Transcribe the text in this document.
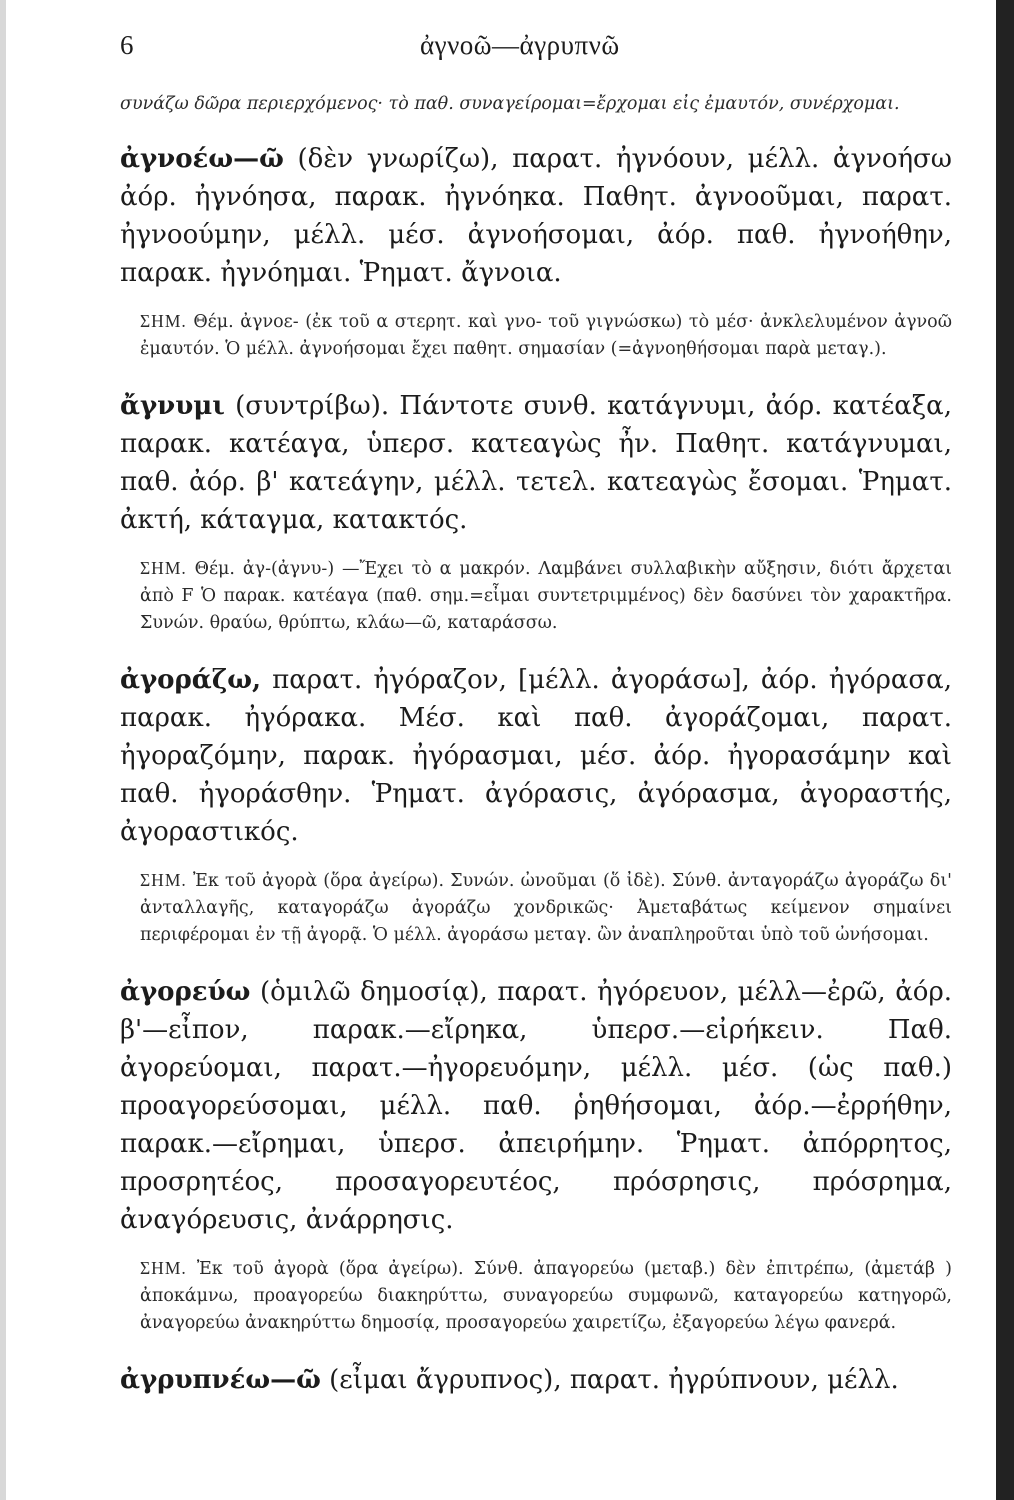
6	ἀγνοῶ—ἀγρυπνῶ

συνάζω δῶρα περιερχόμενος· τὸ παθ. συναγείρομαι=ἔρχομαι εἰς ἐμαυτόν, συνέρχομαι.

ἀγνοέω—ῶ (δὲν γνωρίζω), παρατ. ἠγνόουν, μέλλ. ἀγνοήσω ἀόρ. ἠγνόησα, παρακ. ἠγνόηκα. Παθητ. ἀγνοοῦμαι, παρατ. ἠγνοούμην, μέλλ. μέσ. ἀγνοήσομαι, ἀόρ. παθ. ἠγνοήθην, παρακ. ἠγνόημαι. Ῥηματ. ἄγνοια.

ΣΗΜ. Θέμ. ἀγνοε- (ἐκ τοῦ α στερητ. καὶ γνο- τοῦ γιγνώσκω) τὸ μέσ· ἀνκλελυμένον ἀγνοῶ ἐμαυτόν. Ὁ μέλλ. ἀγνοήσομαι ἔχει παθητ. σημασίαν (=ἀγνοηθήσομαι παρὰ μεταγ.).

ἄγνυμι (συντρίβω). Πάντοτε συνθ. κατάγνυμι, ἀόρ. κατέαξα, παρακ. κατέαγα, ὑπερσ. κατεαγὼς ἦν. Παθητ. κατάγνυμαι, παθ. ἀόρ. β' κατεάγην, μέλλ. τετελ. κατεαγὼς ἔσομαι. Ῥηματ. ἀκτή, κάταγμα, κατακτός.

ΣΗΜ. Θέμ. ἀγ-(ἀγνυ-) —Ἔχει τὸ α μακρόν. Λαμβάνει συλλαβικὴν αὔξησιν, διότι ἄρχεται ἀπὸ F Ὁ παρακ. κατέαγα (παθ. σημ.=εἶμαι συντετριμμένος) δὲν δασύνει τὸν χαρακτῆρα. Συνών. θραύω, θρύπτω, κλάω—ῶ, καταράσσω.

ἀγοράζω, παρατ. ἠγόραζον, [μέλλ. ἀγοράσω], ἀόρ. ἠγόρασα, παρακ. ἠγόρακα. Μέσ. καὶ παθ. ἀγοράζομαι, παρατ. ἠγοραζόμην, παρακ. ἠγόρασμαι, μέσ. ἀόρ. ἠγορασάμην καὶ παθ. ἠγοράσθην. Ῥηματ. ἀγόρασις, ἀγόρασμα, ἀγοραστής, ἀγοραστικός.

ΣΗΜ. Ἐκ τοῦ ἀγορὰ (ὅρα ἀγείρω). Συνών. ὠνοῦμαι (ὅ ἰδὲ). Σύνθ. ἀνταγοράζω ἀγοράζω δι' ἀνταλλαγῆς, καταγοράζω ἀγοράζω χονδρικῶς· Ἀμεταβάτως κείμενον σημαίνει περιφέρομαι ἐν τῇ ἀγορᾷ. Ὁ μέλλ. ἀγοράσω μεταγ. ὢν ἀναπληροῦται ὑπὸ τοῦ ὠνήσομαι.

ἀγορεύω (ὁμιλῶ δημοσίᾳ), παρατ. ἠγόρευον, μέλλ—ἐρῶ, ἀόρ. β'—εἶπον, παρακ.—εἴρηκα, ὑπερσ.—εἰρήκειν. Παθ. ἀγορεύομαι, παρατ.—ἠγορευόμην, μέλλ. μέσ. (ὡς παθ.) προαγορεύσομαι, μέλλ. παθ. ῥηθήσομαι, ἀόρ.—ἐρρήθην, παρακ.—εἴρημαι, ὑπερσ. ἀπειρήμην. Ῥηματ. ἀπόρρητος, προσρητέος, προσαγορευτέος, πρόσρησις, πρόσρημα, ἀναγόρευσις, ἀνάρρησις.

ΣΗΜ. Ἐκ τοῦ ἀγορὰ (ὅρα ἀγείρω). Σύνθ. ἀπαγορεύω (μεταβ.) δὲν ἐπιτρέπω, (ἀμετάβ ) ἀποκάμνω, προαγορεύω διακηρύττω, συναγορεύω συμφωνῶ, καταγορεύω κατηγορῶ, ἀναγορεύω ἀνακηρύττω δημοσίᾳ, προσαγορεύω χαιρετίζω, ἐξαγορεύω λέγω φανερά.

ἀγρυπνέω—ῶ (εἶμαι ἄγρυπνος), παρατ. ἠγρύπνουν, μέλλ.
